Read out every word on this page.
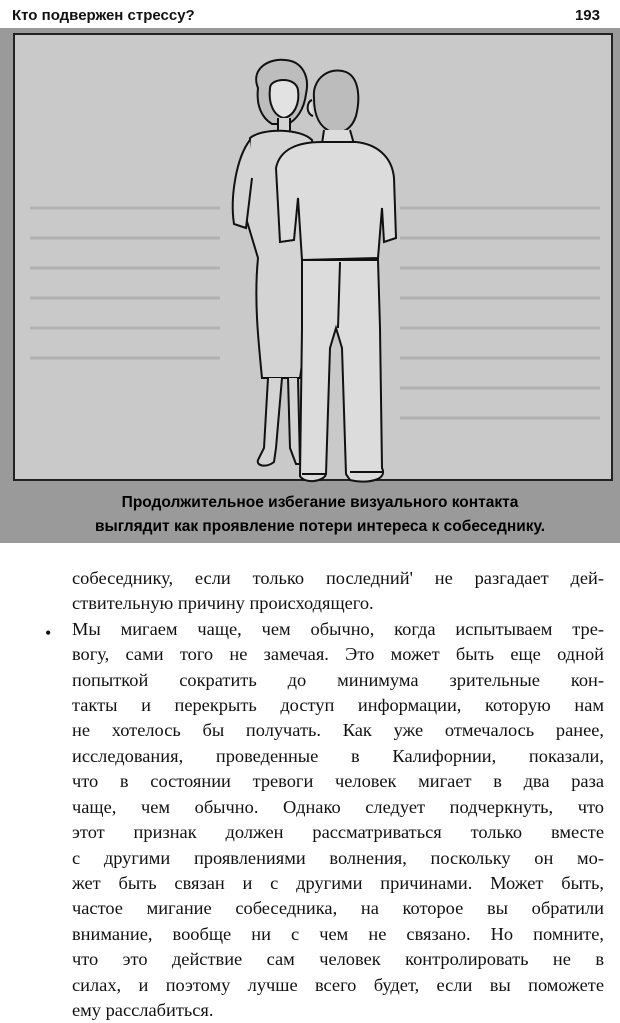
Кто подвержен стрессу?	193
Продолжительное избегание визуального контакта
выглядит как проявление потери интереса к собеседнику.
•
собеседнику, если только последний' не разгадает дей-
ствительную причину происходящего.
Мы мигаем чаще, чем обычно, когда испытываем тре-
вогу, сами того не замечая. Это может быть еще одной
попыткой сократить до минимума зрительные кон-
такты и перекрыть доступ информации, которую нам
не хотелось бы получать. Как уже отмечалось ранее,
исследования, проведенные в Калифорнии, показали,
что в состоянии тревоги человек мигает в два раза
чаще, чем обычно. Однако следует подчеркнуть, что
этот признак должен рассматриваться только вместе
с другими проявлениями волнения, поскольку он мо-
жет быть связан и с другими причинами. Может быть,
частое мигание собеседника, на которое вы обратили
внимание, вообще ни с чем не связано. Но помните,
что это действие сам человек контролировать не в
силах, и поэтому лучше всего будет, если вы поможете
ему расслабиться.
